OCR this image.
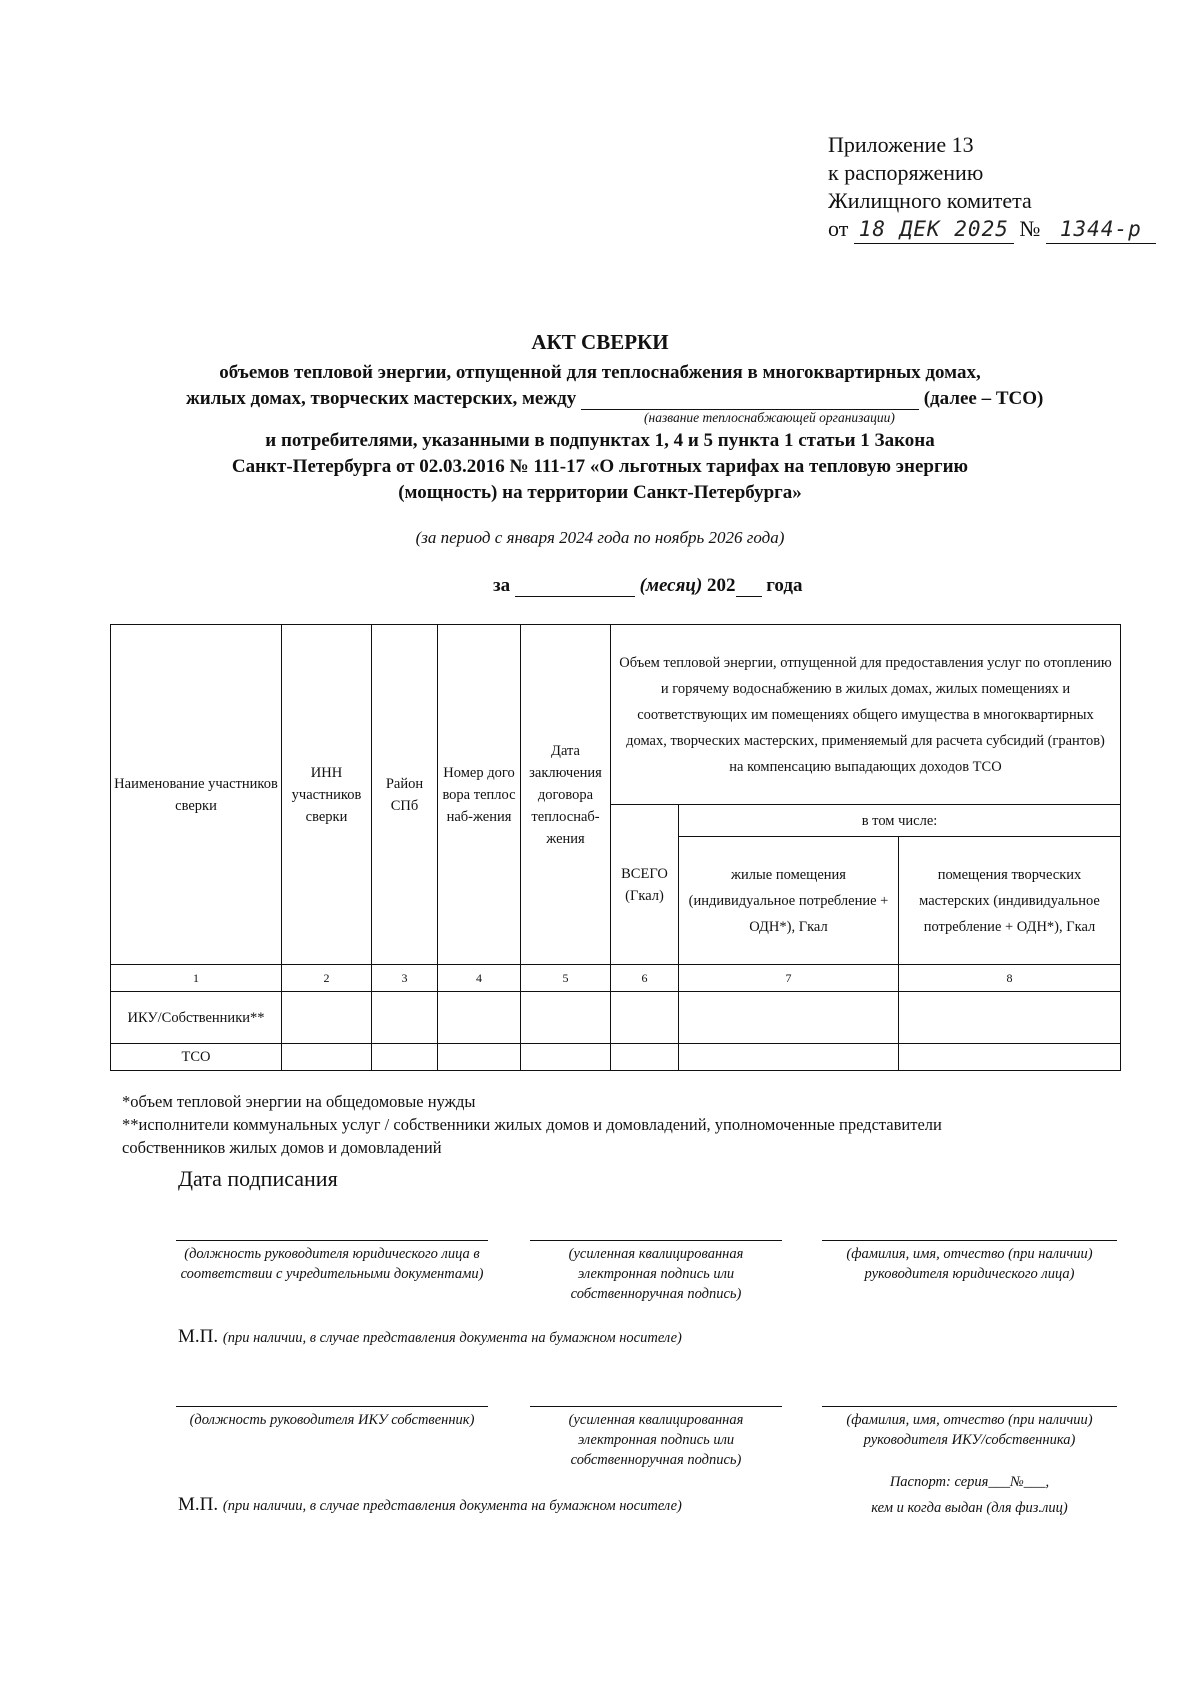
Приложение 13
к распоряжению
Жилищного комитета
от 18 ДЕК 2025 № 1344-р
АКТ СВЕРКИ
объемов тепловой энергии, отпущенной для теплоснабжения в многоквартирных домах,
жилых домах, творческих мастерских, между	(далее – ТСО)
(название теплоснабжающей организации)
и потребителями, указанными в подпунктах 1, 4 и 5 пункта 1 статьи 1 Закона
Санкт-Петербурга от 02.03.2016 № 111-17 «О льготных тарифах на тепловую энергию
(мощность) на территории Санкт-Петербурга»
(за период с января 2024 года по ноябрь 2026 года)
за	(месяц) 202 года
Наименование участников сверки	ИНН участников сверки	Район СПб	Номер договора теплоснаб-жения	Дата заключения договора теплоснаб-жения	Объем тепловой энергии, отпущенной для предоставления услуг по отоплению и горячему водоснабжению в жилых домах, жилых помещениях и соответствующих им помещениях общего имущества в многоквартирных домах, творческих мастерских, применяемый для расчета субсидий (грантов) на компенсацию выпадающих доходов ТСО		
					ВСЕГО (Гкал)	в том числе:	
						жилые помещения (индивидуальное потребление + ОДН*), Гкал	помещения творческих мастерских (индивидуальное потребление + ОДН*), Гкал
1	2	3	4	5	6	7	8
ИКУ/Собственники**							
ТСО							
*объем тепловой энергии на общедомовые нужды
**исполнители коммунальных услуг / собственники жилых домов и домовладений, уполномоченные представители
собственников жилых домов и домовладений
Дата подписания
(должность руководителя юридического лица в соответствии с учредительными документами)
(усиленная квалицированная электронная подпись или собственноручная подпись)
(фамилия, имя, отчество (при наличии) руководителя юридического лица)
М.П. (при наличии, в случае представления документа на бумажном носителе)
(должность руководителя ИКУ собственник)	(усиленная квалицированная электронная подпись или собственноручная подпись)
(фамилия, имя, отчество (при наличии) руководителя ИКУ/собственника)
Паспорт: серия___№___,
кем и когда выдан (для физ.лиц)
М.П. (при наличии, в случае представления документа на бумажном носителе)
